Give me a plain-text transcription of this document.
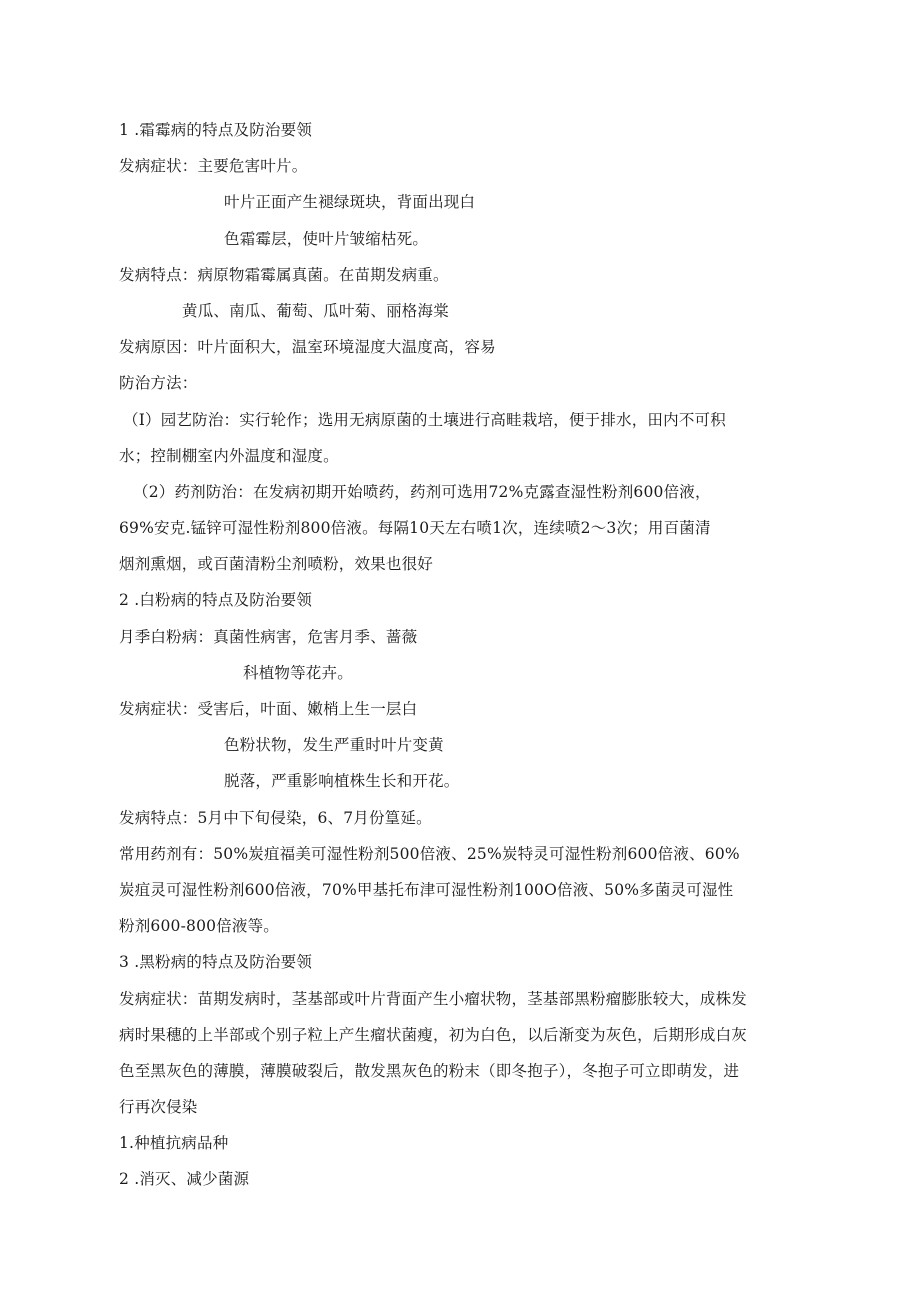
1 .霜霉病的特点及防治要领
发病症状：主要危害叶片。
叶片正面产生褪绿斑块，背面出现白
色霜霉层，使叶片皱缩枯死。
发病特点：病原物霜霉属真菌。在苗期发病重。
黄瓜、南瓜、葡萄、瓜叶菊、丽格海棠
发病原因：叶片面积大，温室环境湿度大温度高，容易
防治方法：
（I）园艺防治：实行轮作；选用无病原菌的土壤进行高畦栽培，便于排水，田内不可积
水；控制棚室内外温度和湿度。
（2）药剂防治：在发病初期开始喷药，药剂可选用72%克露查湿性粉剂600倍液，
69%安克.锰锌可湿性粉剂800倍液。每隔10天左右喷1次，连续喷2〜3次；用百菌清
烟剂熏烟，或百菌清粉尘剂喷粉，效果也很好
2 .白粉病的特点及防治要领
月季白粉病：真菌性病害，危害月季、蔷薇
科植物等花卉。
发病症状：受害后，叶面、嫩梢上生一层白
色粉状物，发生严重时叶片变黄
脱落，严重影响植株生长和开花。
发病特点：5月中下旬侵染，6、7月份篁延。
常用药剂有：50%炭疽福美可湿性粉剂500倍液、25%炭特灵可湿性粉剂600倍液、60%
炭疽灵可湿性粉剂600倍液，70%甲基托布津可湿性粉剂100O倍液、50%多菌灵可湿性
粉剂600-800倍液等。
3 .黑粉病的特点及防治要领
发病症状：苗期发病时，茎基部或叶片背面产生小瘤状物，茎基部黑粉瘤膨胀较大，成株发
病时果穗的上半部或个别子粒上产生瘤状菌瘦，初为白色，以后渐变为灰色，后期形成白灰
色至黑灰色的薄膜，薄膜破裂后，散发黑灰色的粉末（即冬抱子），冬抱子可立即萌发，进
行再次侵染
1.种植抗病品种
2 .消灭、减少菌源
